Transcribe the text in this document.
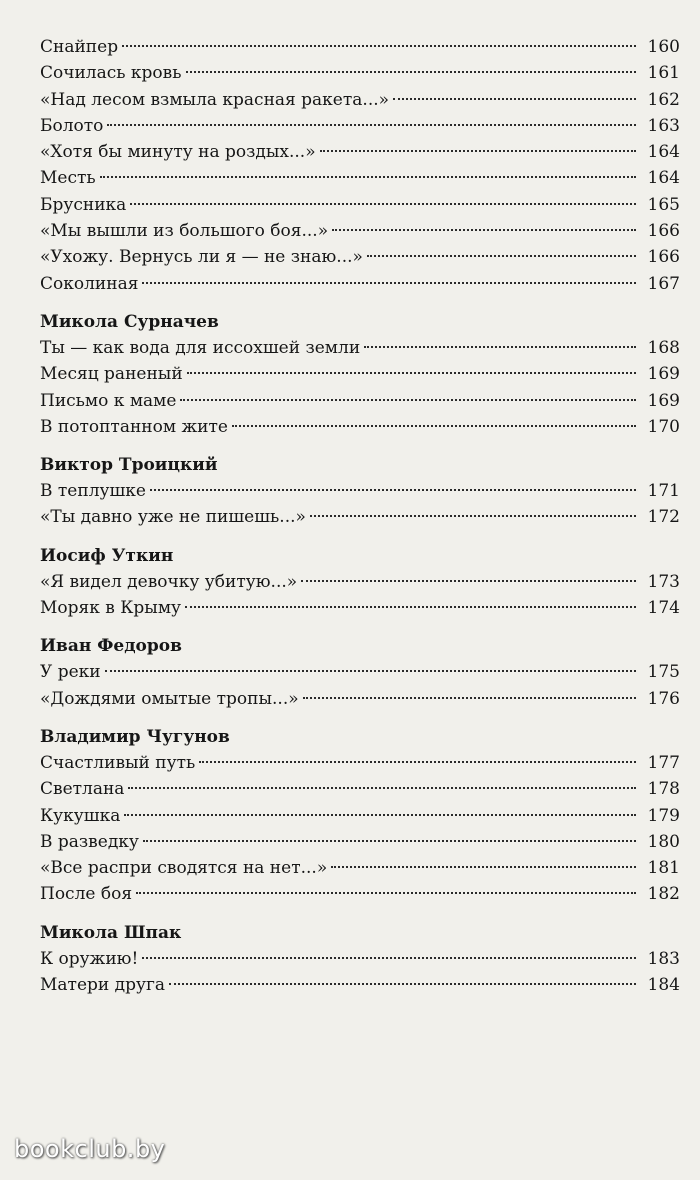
Снайпер	160
Сочилась кровь	161
«Над лесом взмыла красная ракета...»	162
Болото	163
«Хотя бы минуту на роздых...»	164
Месть	164
Брусника	165
«Мы вышли из большого боя...»	166
«Ухожу. Вернусь ли я — не знаю...»	166
Соколиная	167
Микола Сурначев
Ты — как вода для иссохшей земли	168
Месяц раненый	169
Письмо к маме	169
В потоптанном жите	170
Виктор Троицкий
В теплушке	171
«Ты давно уже не пишешь...»	172
Иосиф Уткин
«Я видел девочку убитую...»	173
Моряк в Крыму	174
Иван Федоров
У реки	175
«Дождями омытые тропы...»	176
Владимир Чугунов
Счастливый путь	177
Светлана	178
Кукушка	179
В разведку	180
«Все распри сводятся на нет...»	181
После боя	182
Микола Шпак
К оружию!	183
Матери друга	184
bookclub.by
